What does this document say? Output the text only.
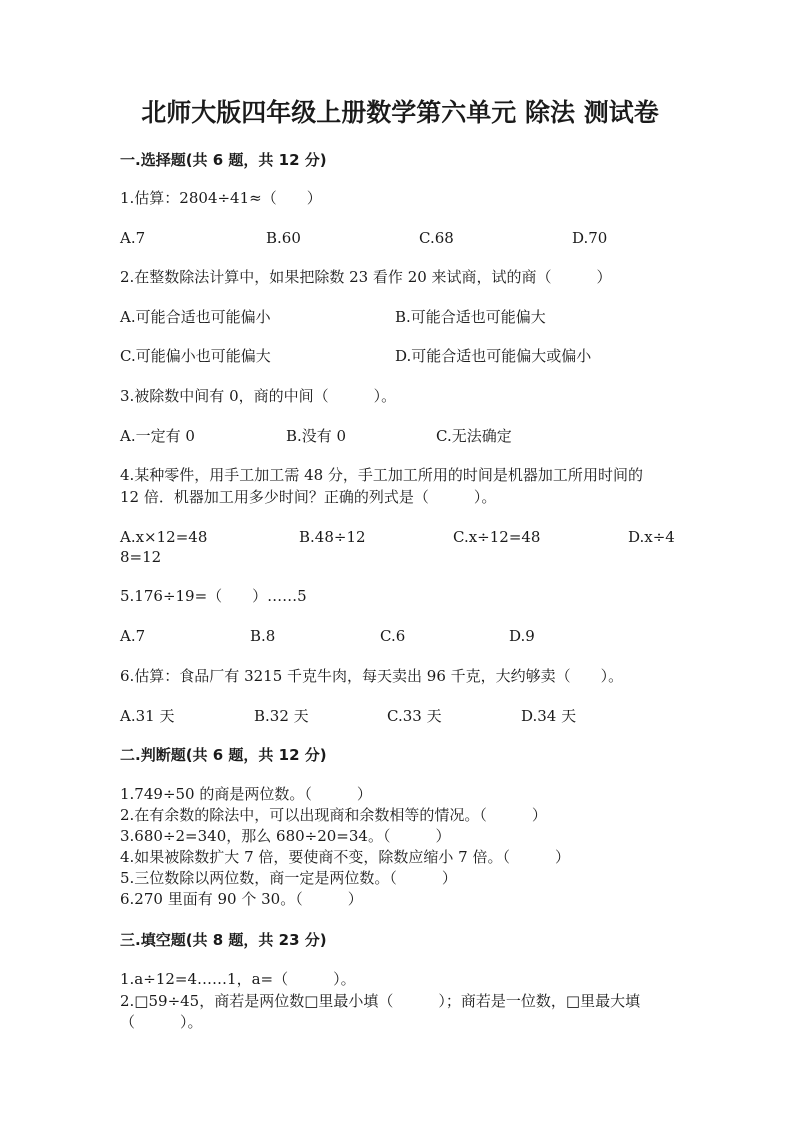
北师大版四年级上册数学第六单元 除法 测试卷
一.选择题(共 6 题，共 12 分)
1.估算：2804÷41≈（　　）
A.7	B.60	C.68	D.70
2.在整数除法计算中，如果把除数 23 看作 20 来试商，试的商（　　　）
A.可能合适也可能偏小	B.可能合适也可能偏大
C.可能偏小也可能偏大	D.可能合适也可能偏大或偏小
3.被除数中间有 0，商的中间（　　　）。
A.一定有 0	B.没有 0	C.无法确定
4.某种零件，用手工加工需 48 分，手工加工所用的时间是机器加工所用时间的
12 倍．机器加工用多少时间？正确的列式是（　　　）。
A.x×12=48	B.48÷12	C.x÷12=48	D.x÷4
8=12
5.176÷19=（　　）……5
A.7	B.8	C.6	D.9
6.估算：食品厂有 3215 千克牛肉，每天卖出 96 千克，大约够卖（　　）。
A.31 天	B.32 天	C.33 天	D.34 天
二.判断题(共 6 题，共 12 分)
1.749÷50 的商是两位数。（　　　）
2.在有余数的除法中，可以出现商和余数相等的情况。（　　　）
3.680÷2=340，那么 680÷20=34。（　　　）
4.如果被除数扩大 7 倍，要使商不变，除数应缩小 7 倍。（　　　）
5.三位数除以两位数，商一定是两位数。（　　　）
6.270 里面有 90 个 30。（　　　）
三.填空题(共 8 题，共 23 分)
1.a÷12=4……1，a=（　　　）。
2.□59÷45，商若是两位数□里最小填（　　　）；商若是一位数，□里最大填
（　　　）。
